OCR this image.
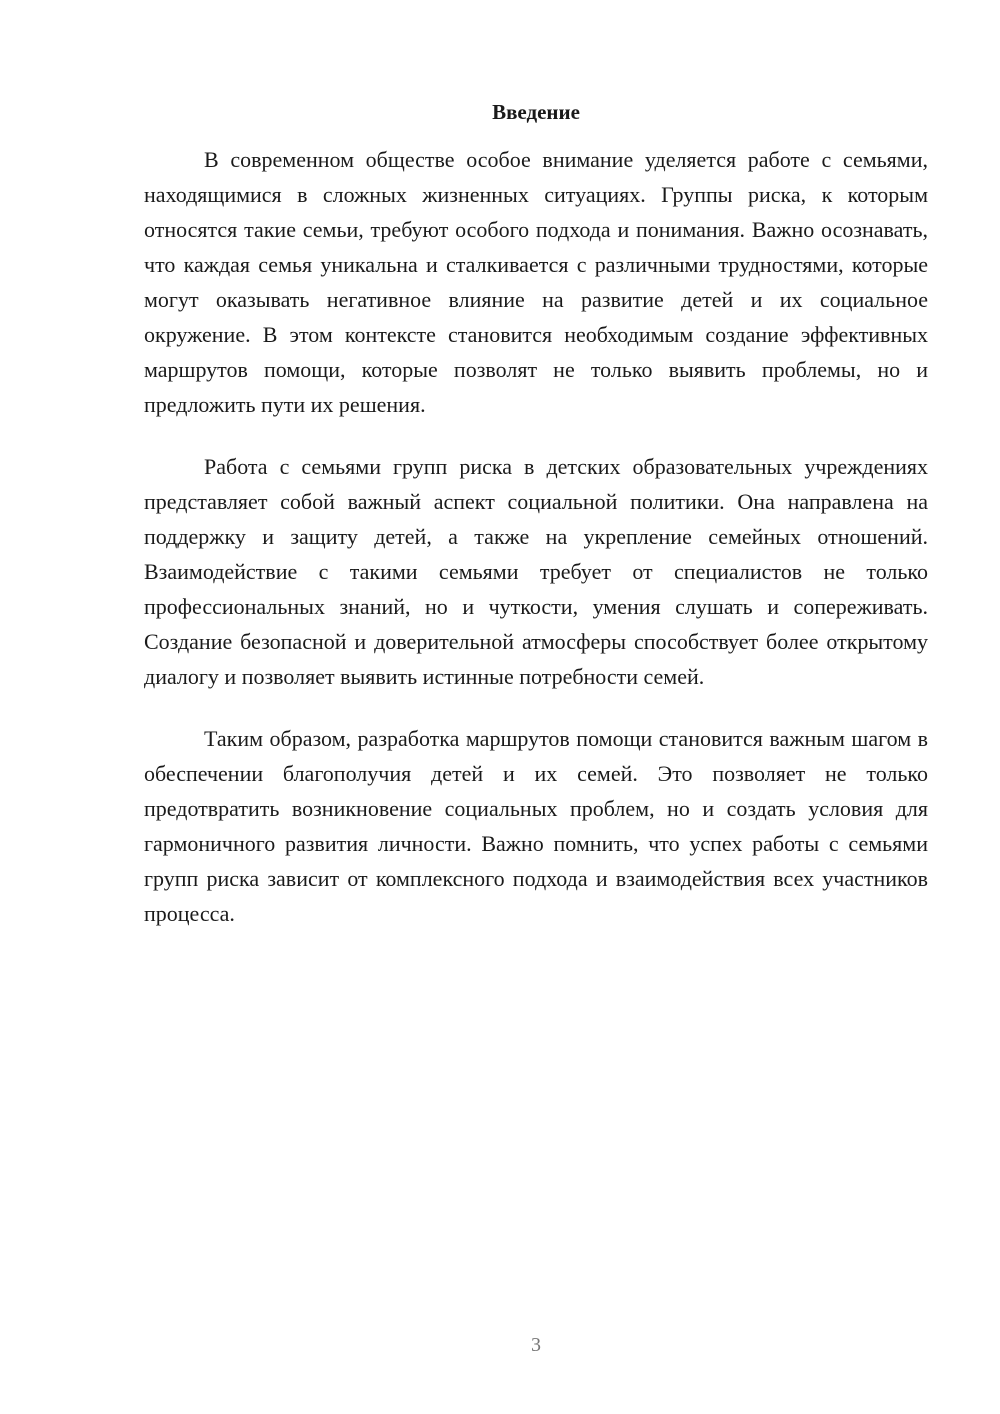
Введение

В современном обществе особое внимание уделяется работе с семьями, находящимися в сложных жизненных ситуациях. Группы риска, к которым относятся такие семьи, требуют особого подхода и понимания. Важно осознавать, что каждая семья уникальна и сталкивается с различными трудностями, которые могут оказывать негативное влияние на развитие детей и их социальное окружение. В этом контексте становится необходимым создание эффективных маршрутов помощи, которые позволят не только выявить проблемы, но и предложить пути их решения.

Работа с семьями групп риска в детских образовательных учреждениях представляет собой важный аспект социальной политики. Она направлена на поддержку и защиту детей, а также на укрепление семейных отношений. Взаимодействие с такими семьями требует от специалистов не только профессиональных знаний, но и чуткости, умения слушать и сопереживать. Создание безопасной и доверительной атмосферы способствует более открытому диалогу и позволяет выявить истинные потребности семей.

Таким образом, разработка маршрутов помощи становится важным шагом в обеспечении благополучия детей и их семей. Это позволяет не только предотвратить возникновение социальных проблем, но и создать условия для гармоничного развития личности. Важно помнить, что успех работы с семьями групп риска зависит от комплексного подхода и взаимодействия всех участников процесса.

3
